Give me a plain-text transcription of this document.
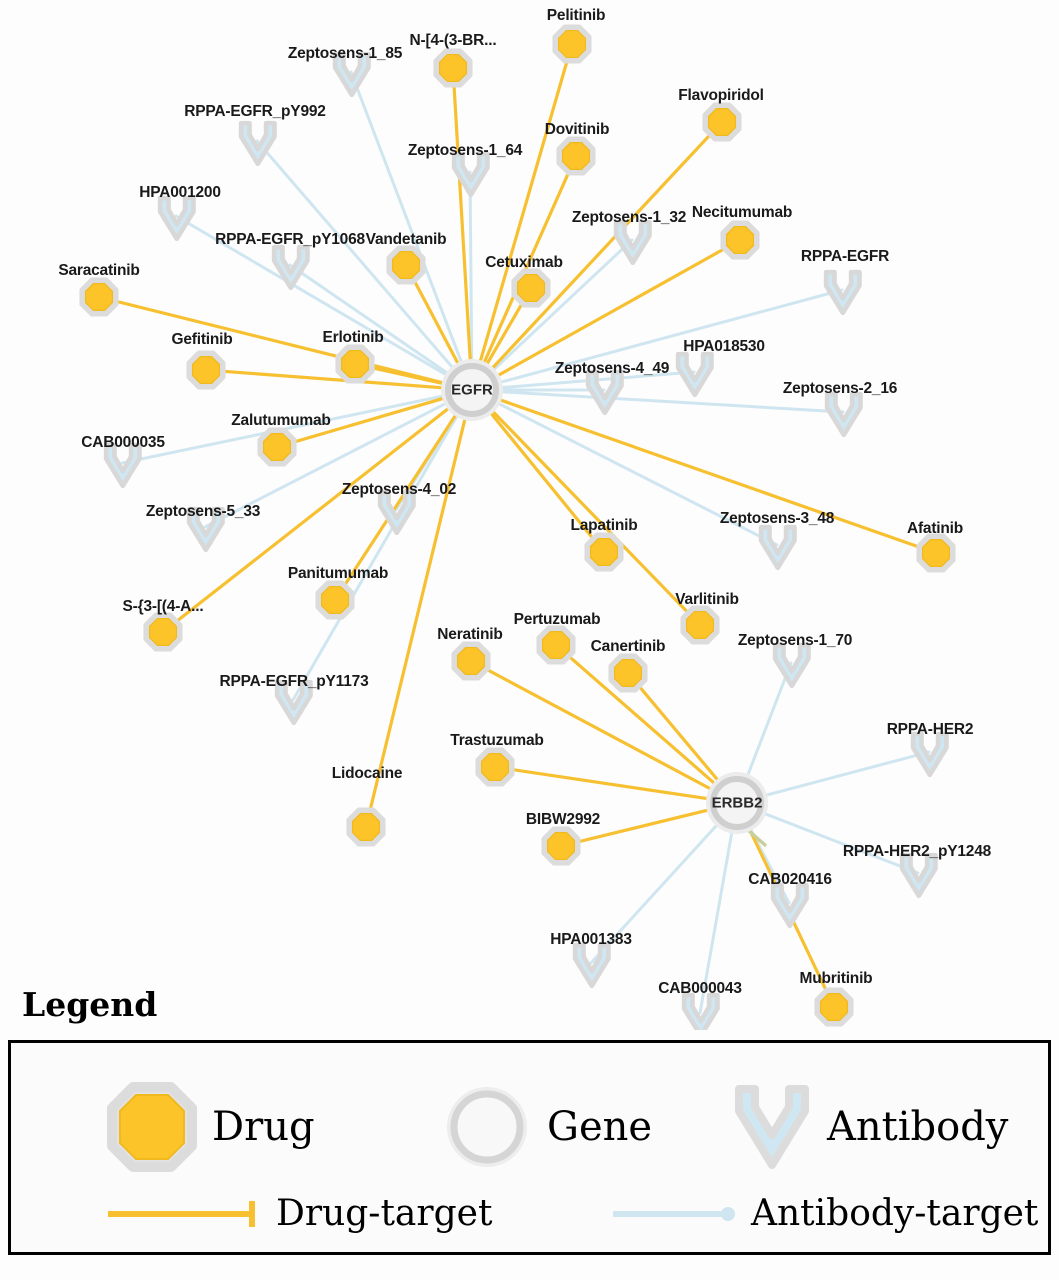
Zeptosens-1_85
RPPA-EGFR_pY992
Zeptosens-1_64
HPA001200
RPPA-EGFR_pY1068
Zeptosens-1_32
RPPA-EGFR
HPA018530
Zeptosens-4_49
Zeptosens-2_16
CAB000035
Zeptosens-5_33
Zeptosens-4_02
Zeptosens-3_48
RPPA-EGFR_pY1173
Zeptosens-1_70
RPPA-HER2
RPPA-HER2_pY1248
CAB020416
HPA001383
CAB000043
Pelitinib
N-[4-(3-BR...
Dovitinib
Flavopiridol
Necitumumab
Vandetanib
Cetuximab
Saracatinib
Gefitinib	Erlotinib
Zalutumumab
Panitumumab
S-{3-[(4-A...
Lidocaine
Lapatinib
Varlitinib
Afatinib
Pertuzumab
Canertinib
Neratinib
Trastuzumab
BIBW2992
Mubritinib
EGFR
ERBB2
Legend
Drug	Gene	Antibody
Drug-target	Antibody-target
